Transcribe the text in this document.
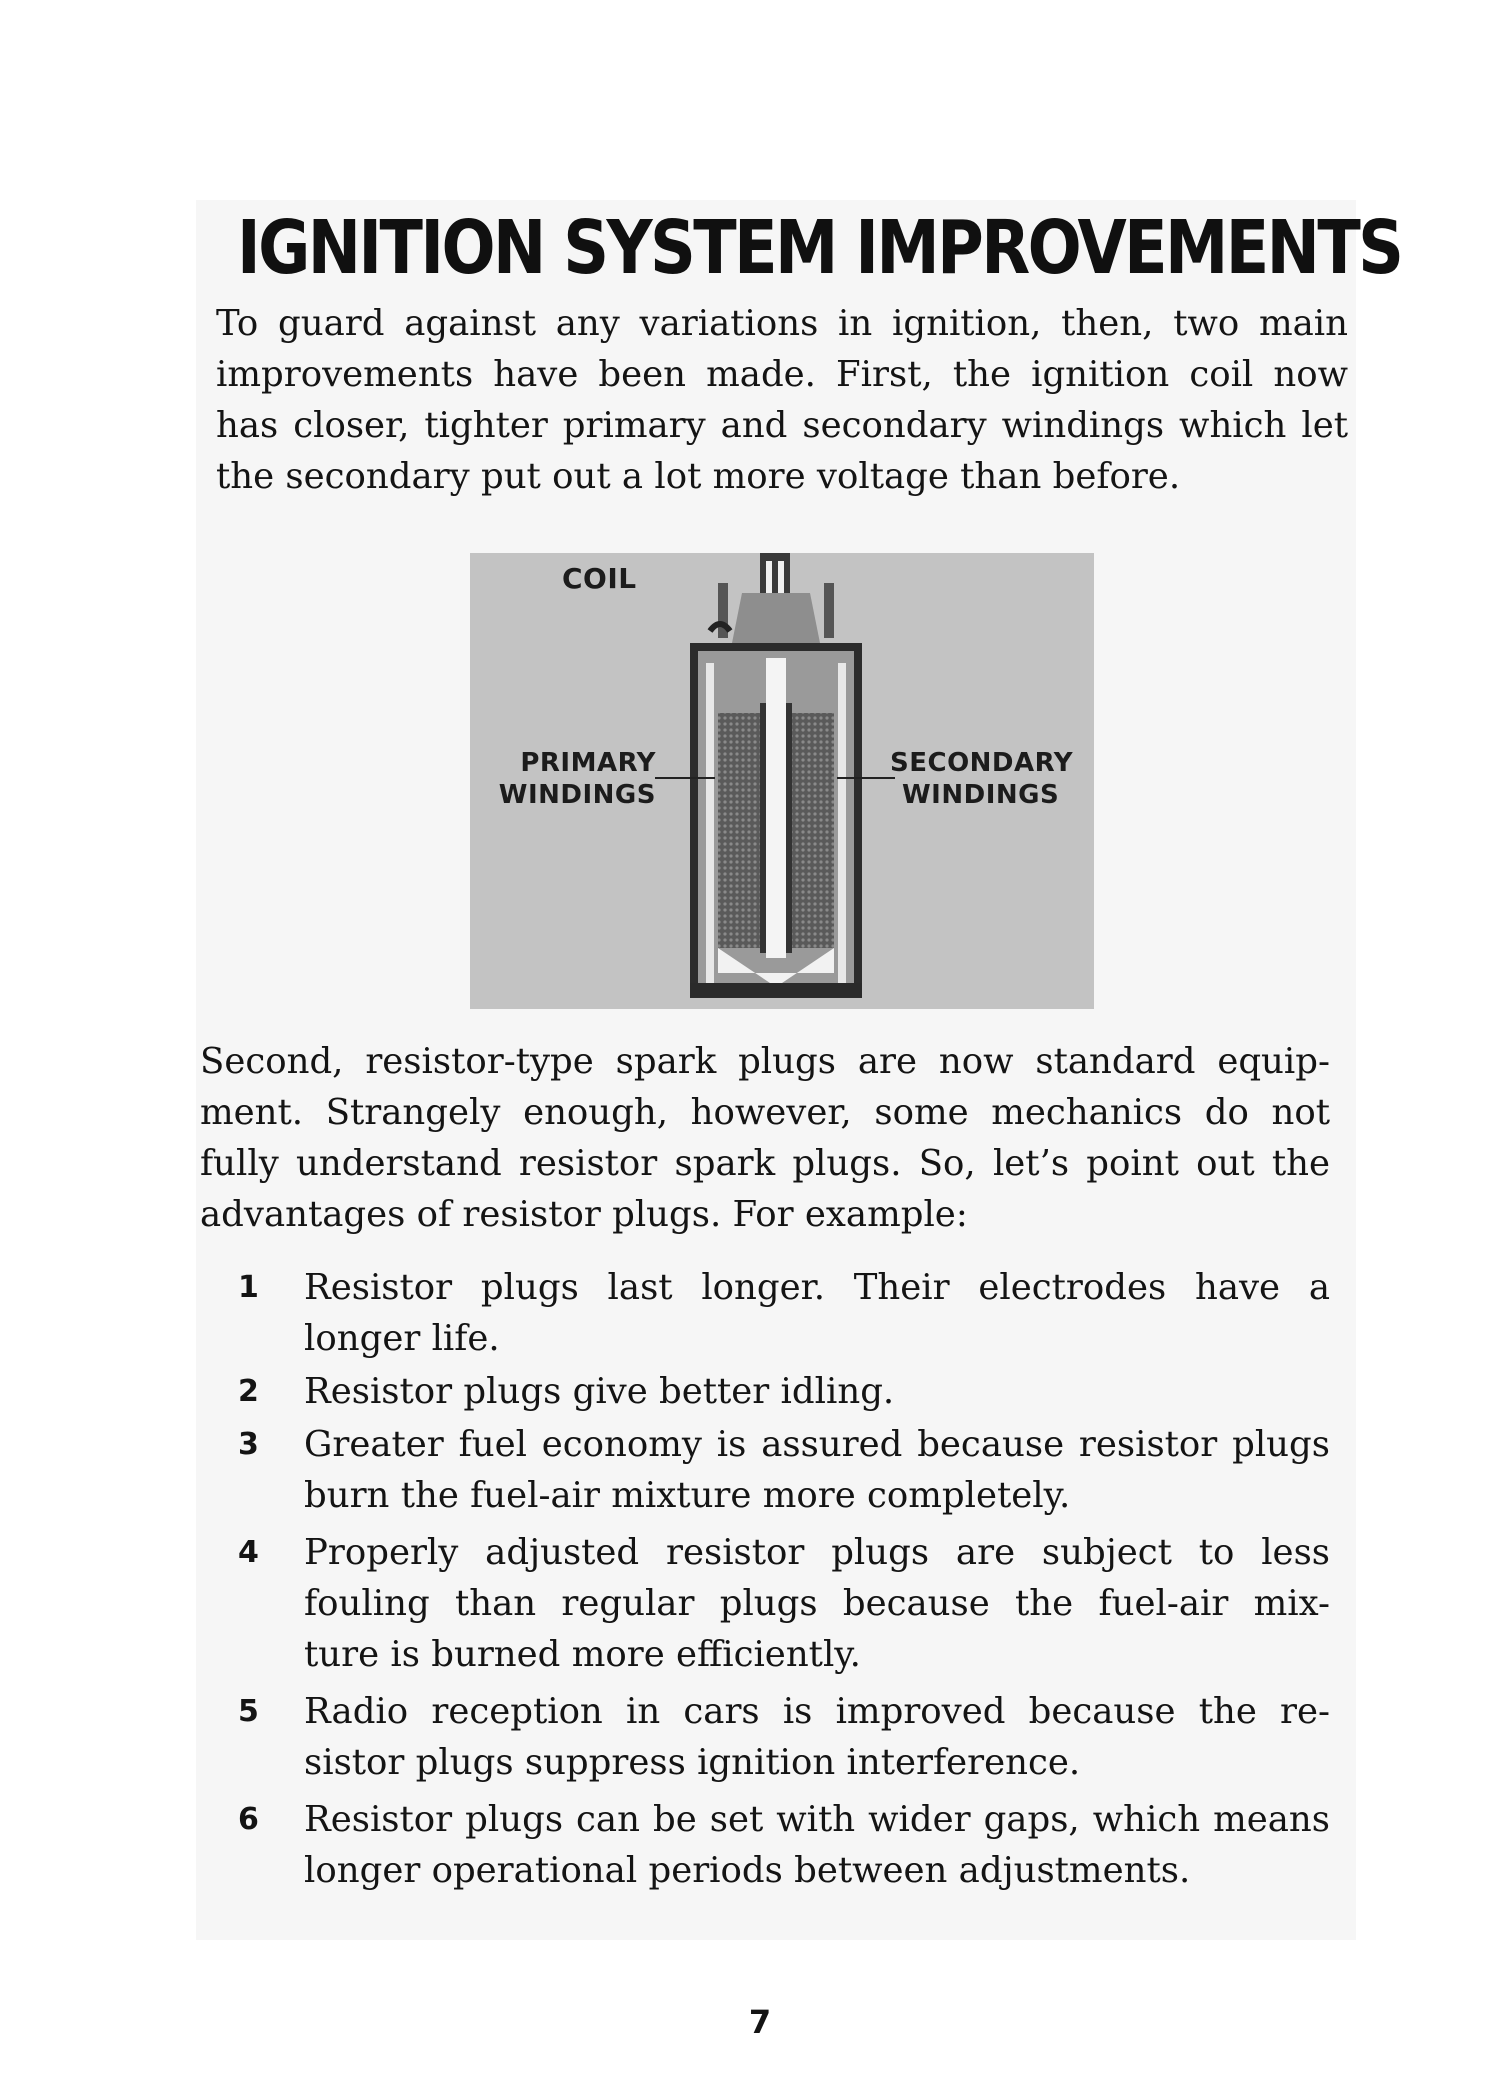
IGNITION SYSTEM IMPROVEMENTS

To guard against any variations in ignition, then, two main
improvements have been made. First, the ignition coil now
has closer, tighter primary and secondary windings which let
the secondary put out a lot more voltage than before.

COIL
PRIMARY
WINDINGS
SECONDARY
WINDINGS

Second, resistor-type spark plugs are now standard equip-
ment. Strangely enough, however, some mechanics do not
fully understand resistor spark plugs. So, let’s point out the
advantages of resistor plugs. For example:

1	Resistor plugs last longer. Their electrodes have a
longer life.
2	Resistor plugs give better idling.
3	Greater fuel economy is assured because resistor plugs
burn the fuel-air mixture more completely.
4	Properly adjusted resistor plugs are subject to less
fouling than regular plugs because the fuel-air mix-
ture is burned more efficiently.
5	Radio reception in cars is improved because the re-
sistor plugs suppress ignition interference.
6	Resistor plugs can be set with wider gaps, which means
longer operational periods between adjustments.
7
